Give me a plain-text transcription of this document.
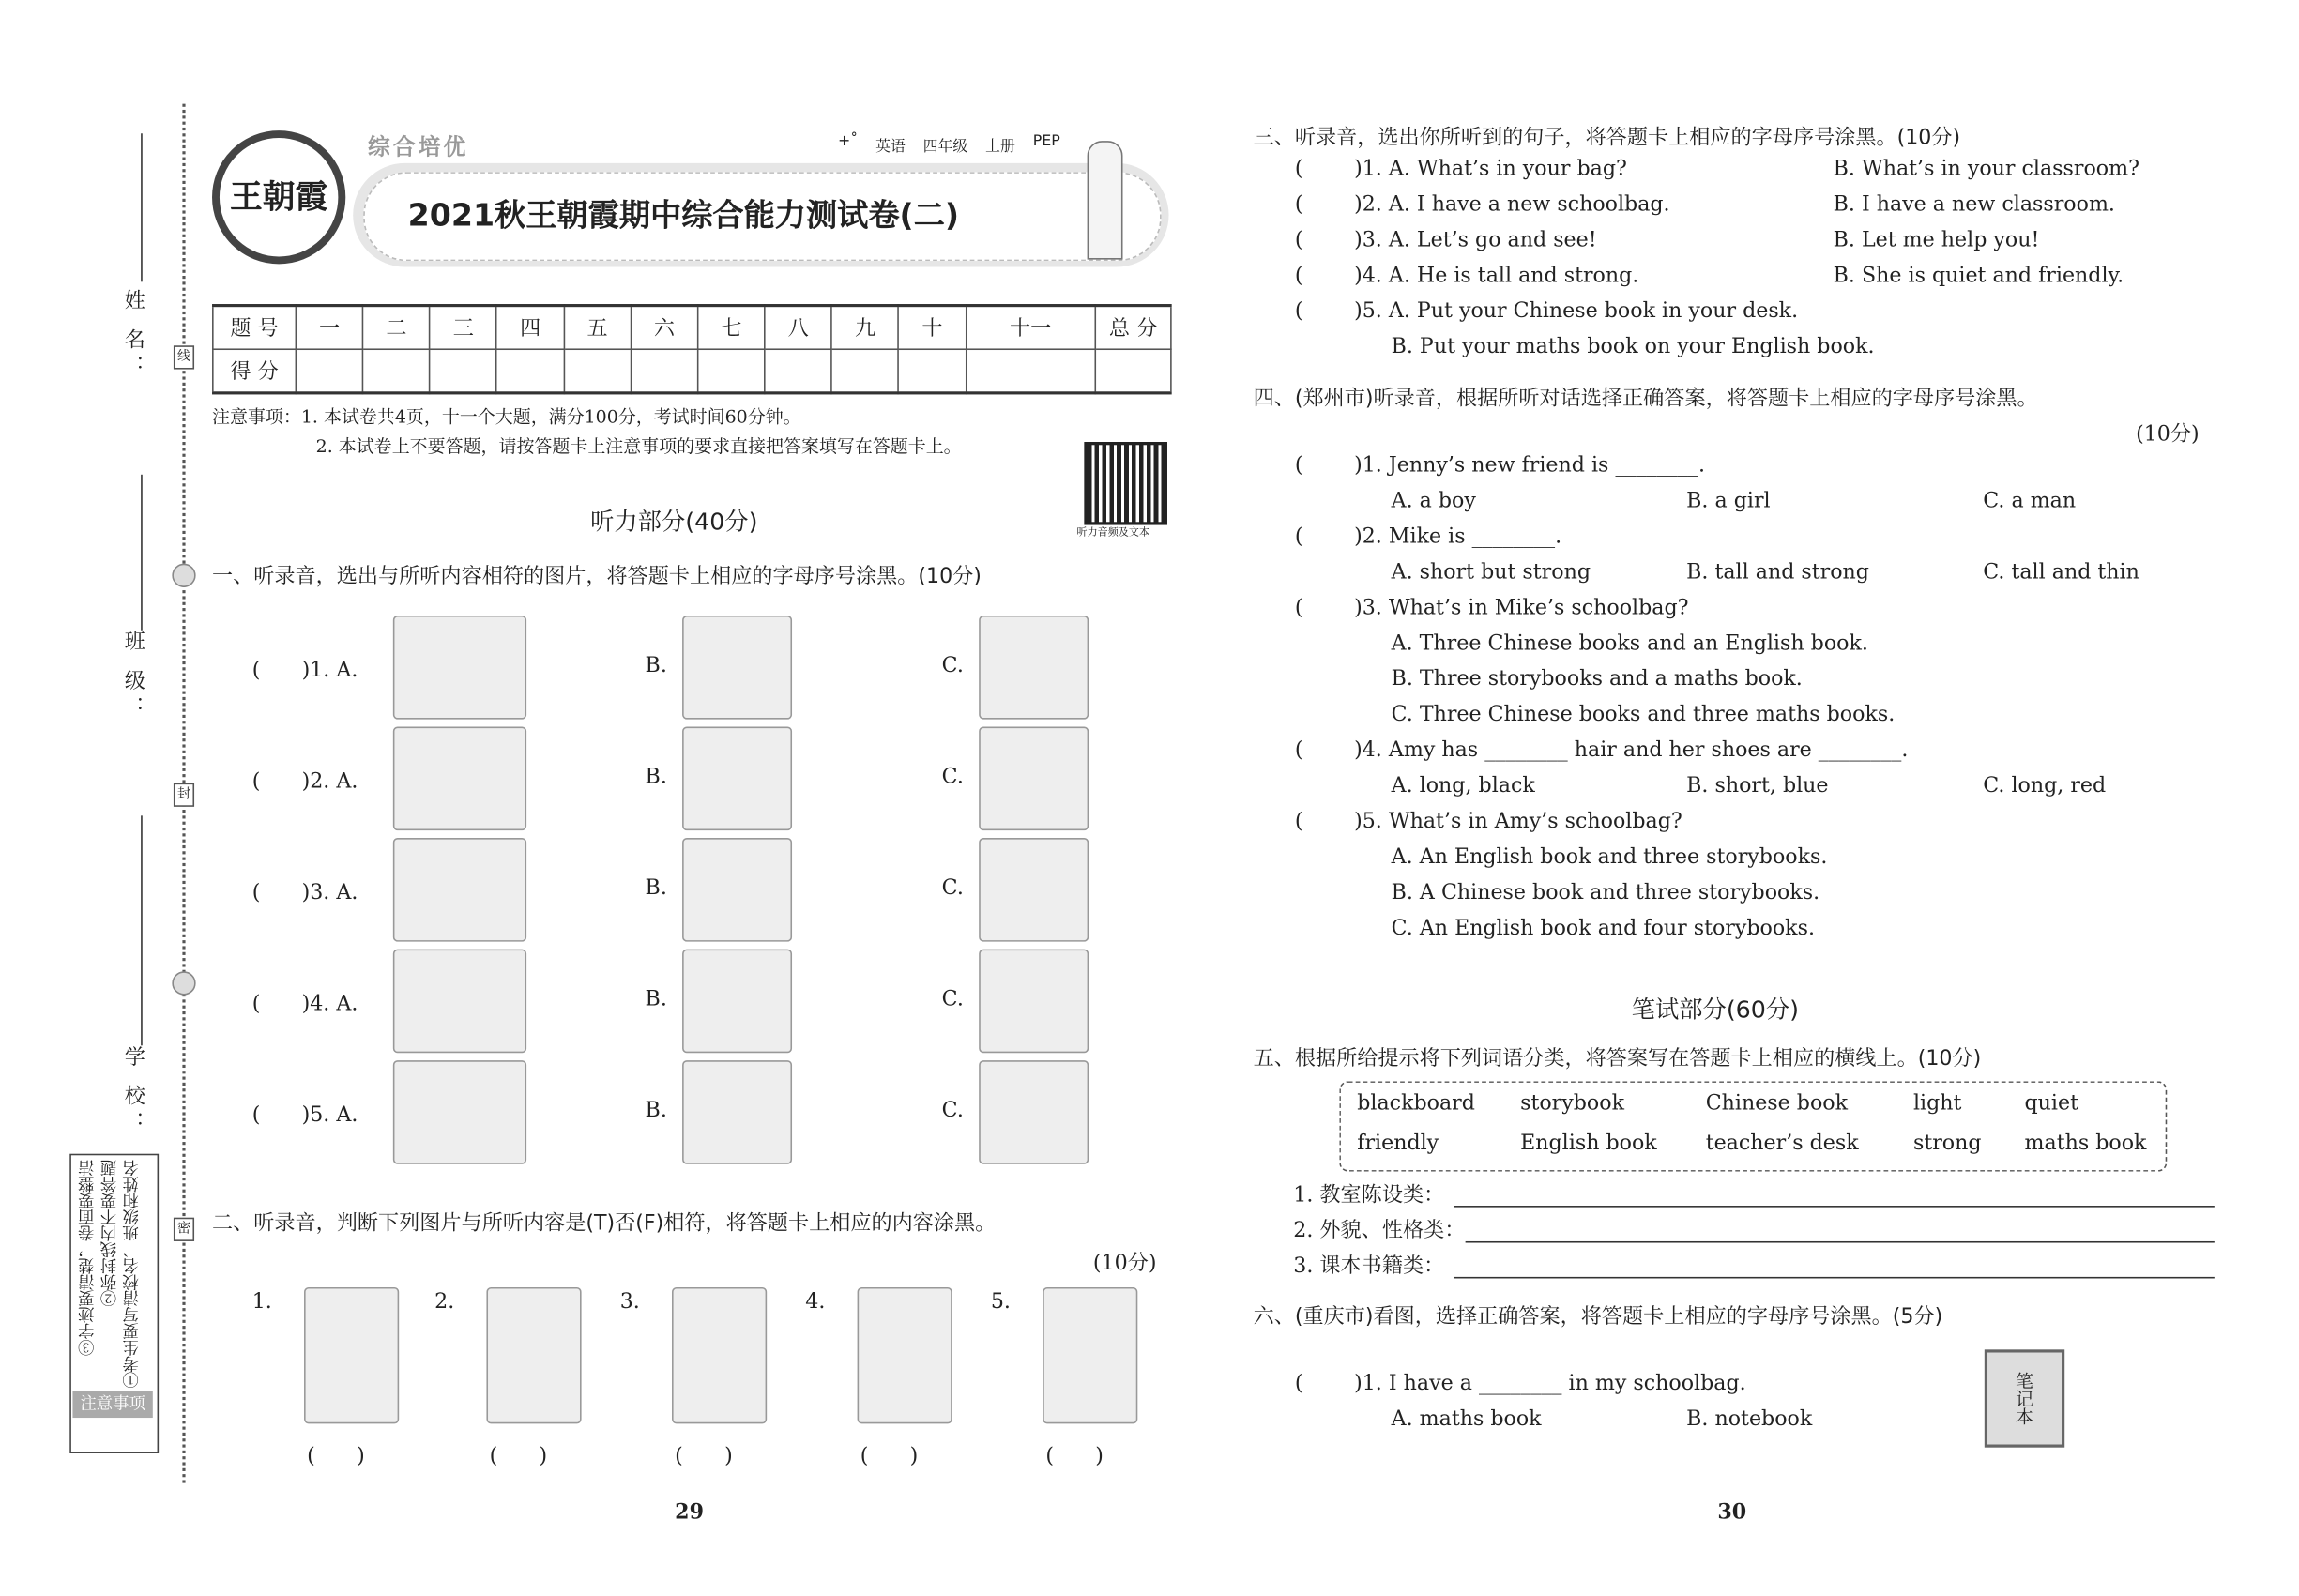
姓 名：
班 级：
学 校：
线
封
密
①考生要写清校名、班级和姓名
②弥封线内不要答题
③字迹要清楚，卷面要整洁
注意事项
王朝霞
综合培优	+˚ 英语 四年级 上册 PEP
2021秋王朝霞期中综合能力测试卷(二)
题 号	一	二	三	四	五	六	七	八	九	十	十一	总 分
得 分												
注意事项：1. 本试卷共4页，十一个大题，满分100分，考试时间60分钟。
2. 本试卷上不要答题，请按答题卡上注意事项的要求直接把答案填写在答题卡上。
听力音频及文本
听力部分(40分)
一、听录音，选出与所听内容相符的图片，将答题卡上相应的字母序号涂黑。(10分)
(　　)1. A.	B.	C.
(　　)2. A.	B.	C.
(　　)3. A.	B.	C.
(　　)4. A.	B.	C.
(　　)5. A.	B.	C.
二、听录音，判断下列图片与所听内容是(T)否(F)相符，将答题卡上相应的内容涂黑。
(10分)
1.
(　　)
2.
(　　)
3.
(　　)
4.
(　　)
5.
(　　)
29
三、听录音，选出你所听到的句子，将答题卡上相应的字母序号涂黑。(10分)
(	)1. A. What’s in your bag?	B. What’s in your classroom?
(	)2. A. I have a new schoolbag.	B. I have a new classroom.
(	)3. A. Let’s go and see!	B. Let me help you!
(	)4. A. He is tall and strong.	B. She is quiet and friendly.
(	)5. A. Put your Chinese book in your desk.
B. Put your maths book on your English book.
四、(郑州市)听录音，根据所听对话选择正确答案，将答题卡上相应的字母序号涂黑。
(10分)
(	)1. Jenny’s new friend is ________.
A. a boy	B. a girl	C. a man
(	)2. Mike is ________.
A. short but strong	B. tall and strong	C. tall and thin
(	)3. What’s in Mike’s schoolbag?
A. Three Chinese books and an English book.
B. Three storybooks and a maths book.
C. Three Chinese books and three maths books.
(	)4. Amy has ________ hair and her shoes are ________.
A. long, black	B. short, blue	C. long, red
(	)5. What’s in Amy’s schoolbag?
A. An English book and three storybooks.
B. A Chinese book and three storybooks.
C. An English book and four storybooks.
笔试部分(60分)
五、根据所给提示将下列词语分类，将答案写在答题卡上相应的横线上。(10分)
blackboard	storybook	Chinese book	light	quiet
friendly	English book	teacher’s desk	strong	maths book
1. 教室陈设类：
2. 外貌、性格类：
3. 课本书籍类：
六、(重庆市)看图，选择正确答案，将答题卡上相应的字母序号涂黑。(5分)
(	)1. I have a ________ in my schoolbag.
A. maths book	B. notebook	笔记本
30
